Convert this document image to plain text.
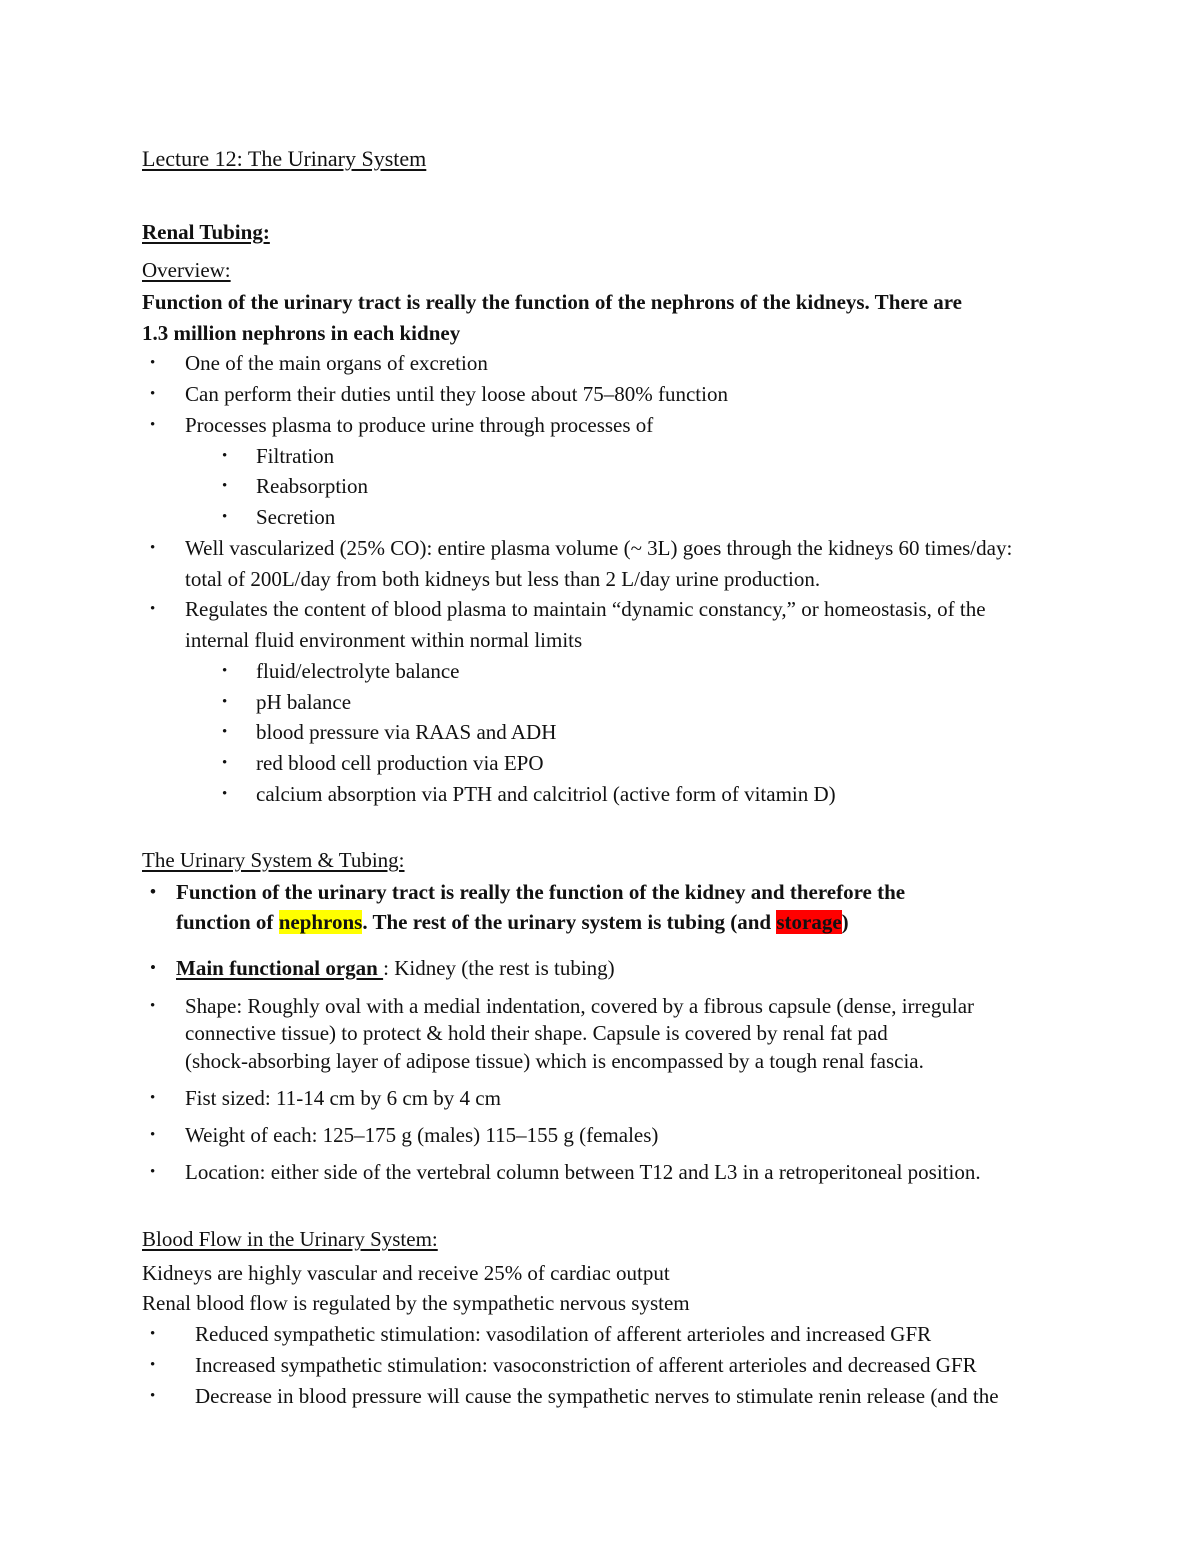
Lecture 12: The Urinary System
Renal Tubing:
Overview:
Function of the urinary tract is really the function of the nephrons of the kidneys. There are
1.3 million nephrons in each kidney
• One of the main organs of excretion
• Can perform their duties until they loose about 75–80% function
• Processes plasma to produce urine through processes of
• Filtration
• Reabsorption
• Secretion
• Well vascularized (25% CO): entire plasma volume (~ 3L) goes through the kidneys 60 times/day:
total of 200L/day from both kidneys but less than 2 L/day urine production.
• Regulates the content of blood plasma to maintain “dynamic constancy,” or homeostasis, of the
internal fluid environment within normal limits
• fluid/electrolyte balance
• pH balance
• blood pressure via RAAS and ADH
• red blood cell production via EPO
• calcium absorption via PTH and calcitriol (active form of vitamin D)
The Urinary System & Tubing:
• Function of the urinary tract is really the function of the kidney and therefore the
function of nephrons. The rest of the urinary system is tubing (and storage)
• Main functional organ : Kidney (the rest is tubing)
• Shape: Roughly oval with a medial indentation, covered by a fibrous capsule (dense, irregular
connective tissue) to protect & hold their shape. Capsule is covered by renal fat pad
(shock-absorbing layer of adipose tissue) which is encompassed by a tough renal fascia.
• Fist sized: 11-14 cm by 6 cm by 4 cm
• Weight of each: 125–175 g (males) 115–155 g (females)
• Location: either side of the vertebral column between T12 and L3 in a retroperitoneal position.
Blood Flow in the Urinary System:
Kidneys are highly vascular and receive 25% of cardiac output
Renal blood flow is regulated by the sympathetic nervous system
• Reduced sympathetic stimulation: vasodilation of afferent arterioles and increased GFR
• Increased sympathetic stimulation: vasoconstriction of afferent arterioles and decreased GFR
• Decrease in blood pressure will cause the sympathetic nerves to stimulate renin release (and the
